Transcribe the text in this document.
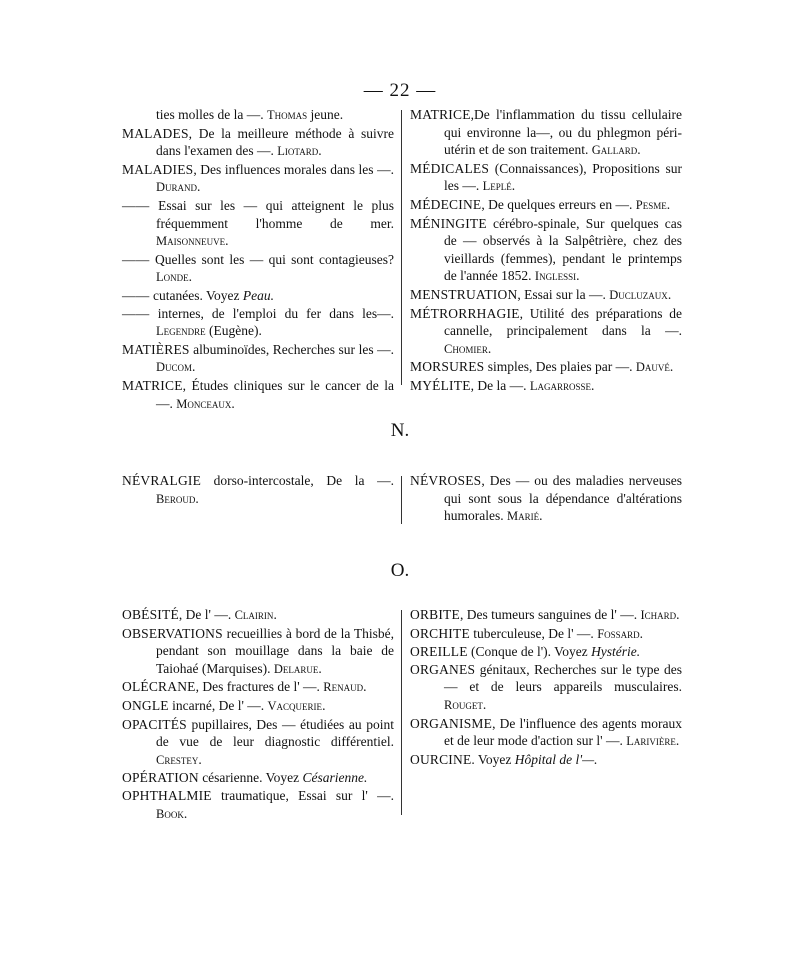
— 22 —

ties molles de la —. Thomas jeune.

MALADES, De la meilleure méthode à suivre dans l'examen des —. Liotard.

MALADIES, Des influences morales dans les —. Durand.

—— Essai sur les — qui atteignent le plus fréquemment l'homme de mer. Maisonneuve.

—— Quelles sont les — qui sont contagieuses? Londe.

—— cutanées. Voyez Peau.

—— internes, de l'emploi du fer dans les—. Legendre (Eugène).

MATIÈRES albuminoïdes, Recherches sur les —. Ducom.

MATRICE, Études cliniques sur le cancer de la —. Monceaux.

MATRICE,De l'inflammation du tissu cellulaire qui environne la—, ou du phlegmon péri-utérin et de son traitement. Gallard.

MÉDICALES (Connaissances), Propositions sur les —. Leplé.

MÉDECINE, De quelques erreurs en —. Pesme.

MÉNINGITE cérébro-spinale, Sur quelques cas de — observés à la Salpêtrière, chez des vieillards (femmes), pendant le printemps de l'année 1852. Inglessi.

MENSTRUATION, Essai sur la —. Ducluzaux.

MÉTRORRHAGIE, Utilité des préparations de cannelle, principalement dans la —. Chomier.

MORSURES simples, Des plaies par —. Dauvé.

MYÉLITE, De la —. Lagarrosse.

N.

NÉVRALGIE dorso-intercostale, De la —. Beroud.

NÉVROSES, Des — ou des maladies nerveuses qui sont sous la dépendance d'altérations humorales. Marié.

O.

OBÉSITÉ, De l' —. Clairin.

OBSERVATIONS recueillies à bord de la Thisbé, pendant son mouillage dans la baie de Taiohaé (Marquises). Delarue.

OLÉCRANE, Des fractures de l' —. Renaud.

ONGLE incarné, De l' —. Vacquerie.

OPACITÉS pupillaires, Des — étudiées au point de vue de leur diagnostic différentiel. Crestey.

OPÉRATION césarienne. Voyez Césarienne.

OPHTHALMIE traumatique, Essai sur l' —. Book.

ORBITE, Des tumeurs sanguines de l' —. Ichard.

ORCHITE tuberculeuse, De l' —. Fossard.

OREILLE (Conque de l'). Voyez Hystérie.

ORGANES génitaux, Recherches sur le type des — et de leurs appareils musculaires. Rouget.

ORGANISME, De l'influence des agents moraux et de leur mode d'action sur l' —. Larivière.

OURCINE. Voyez Hôpital de l'—.
